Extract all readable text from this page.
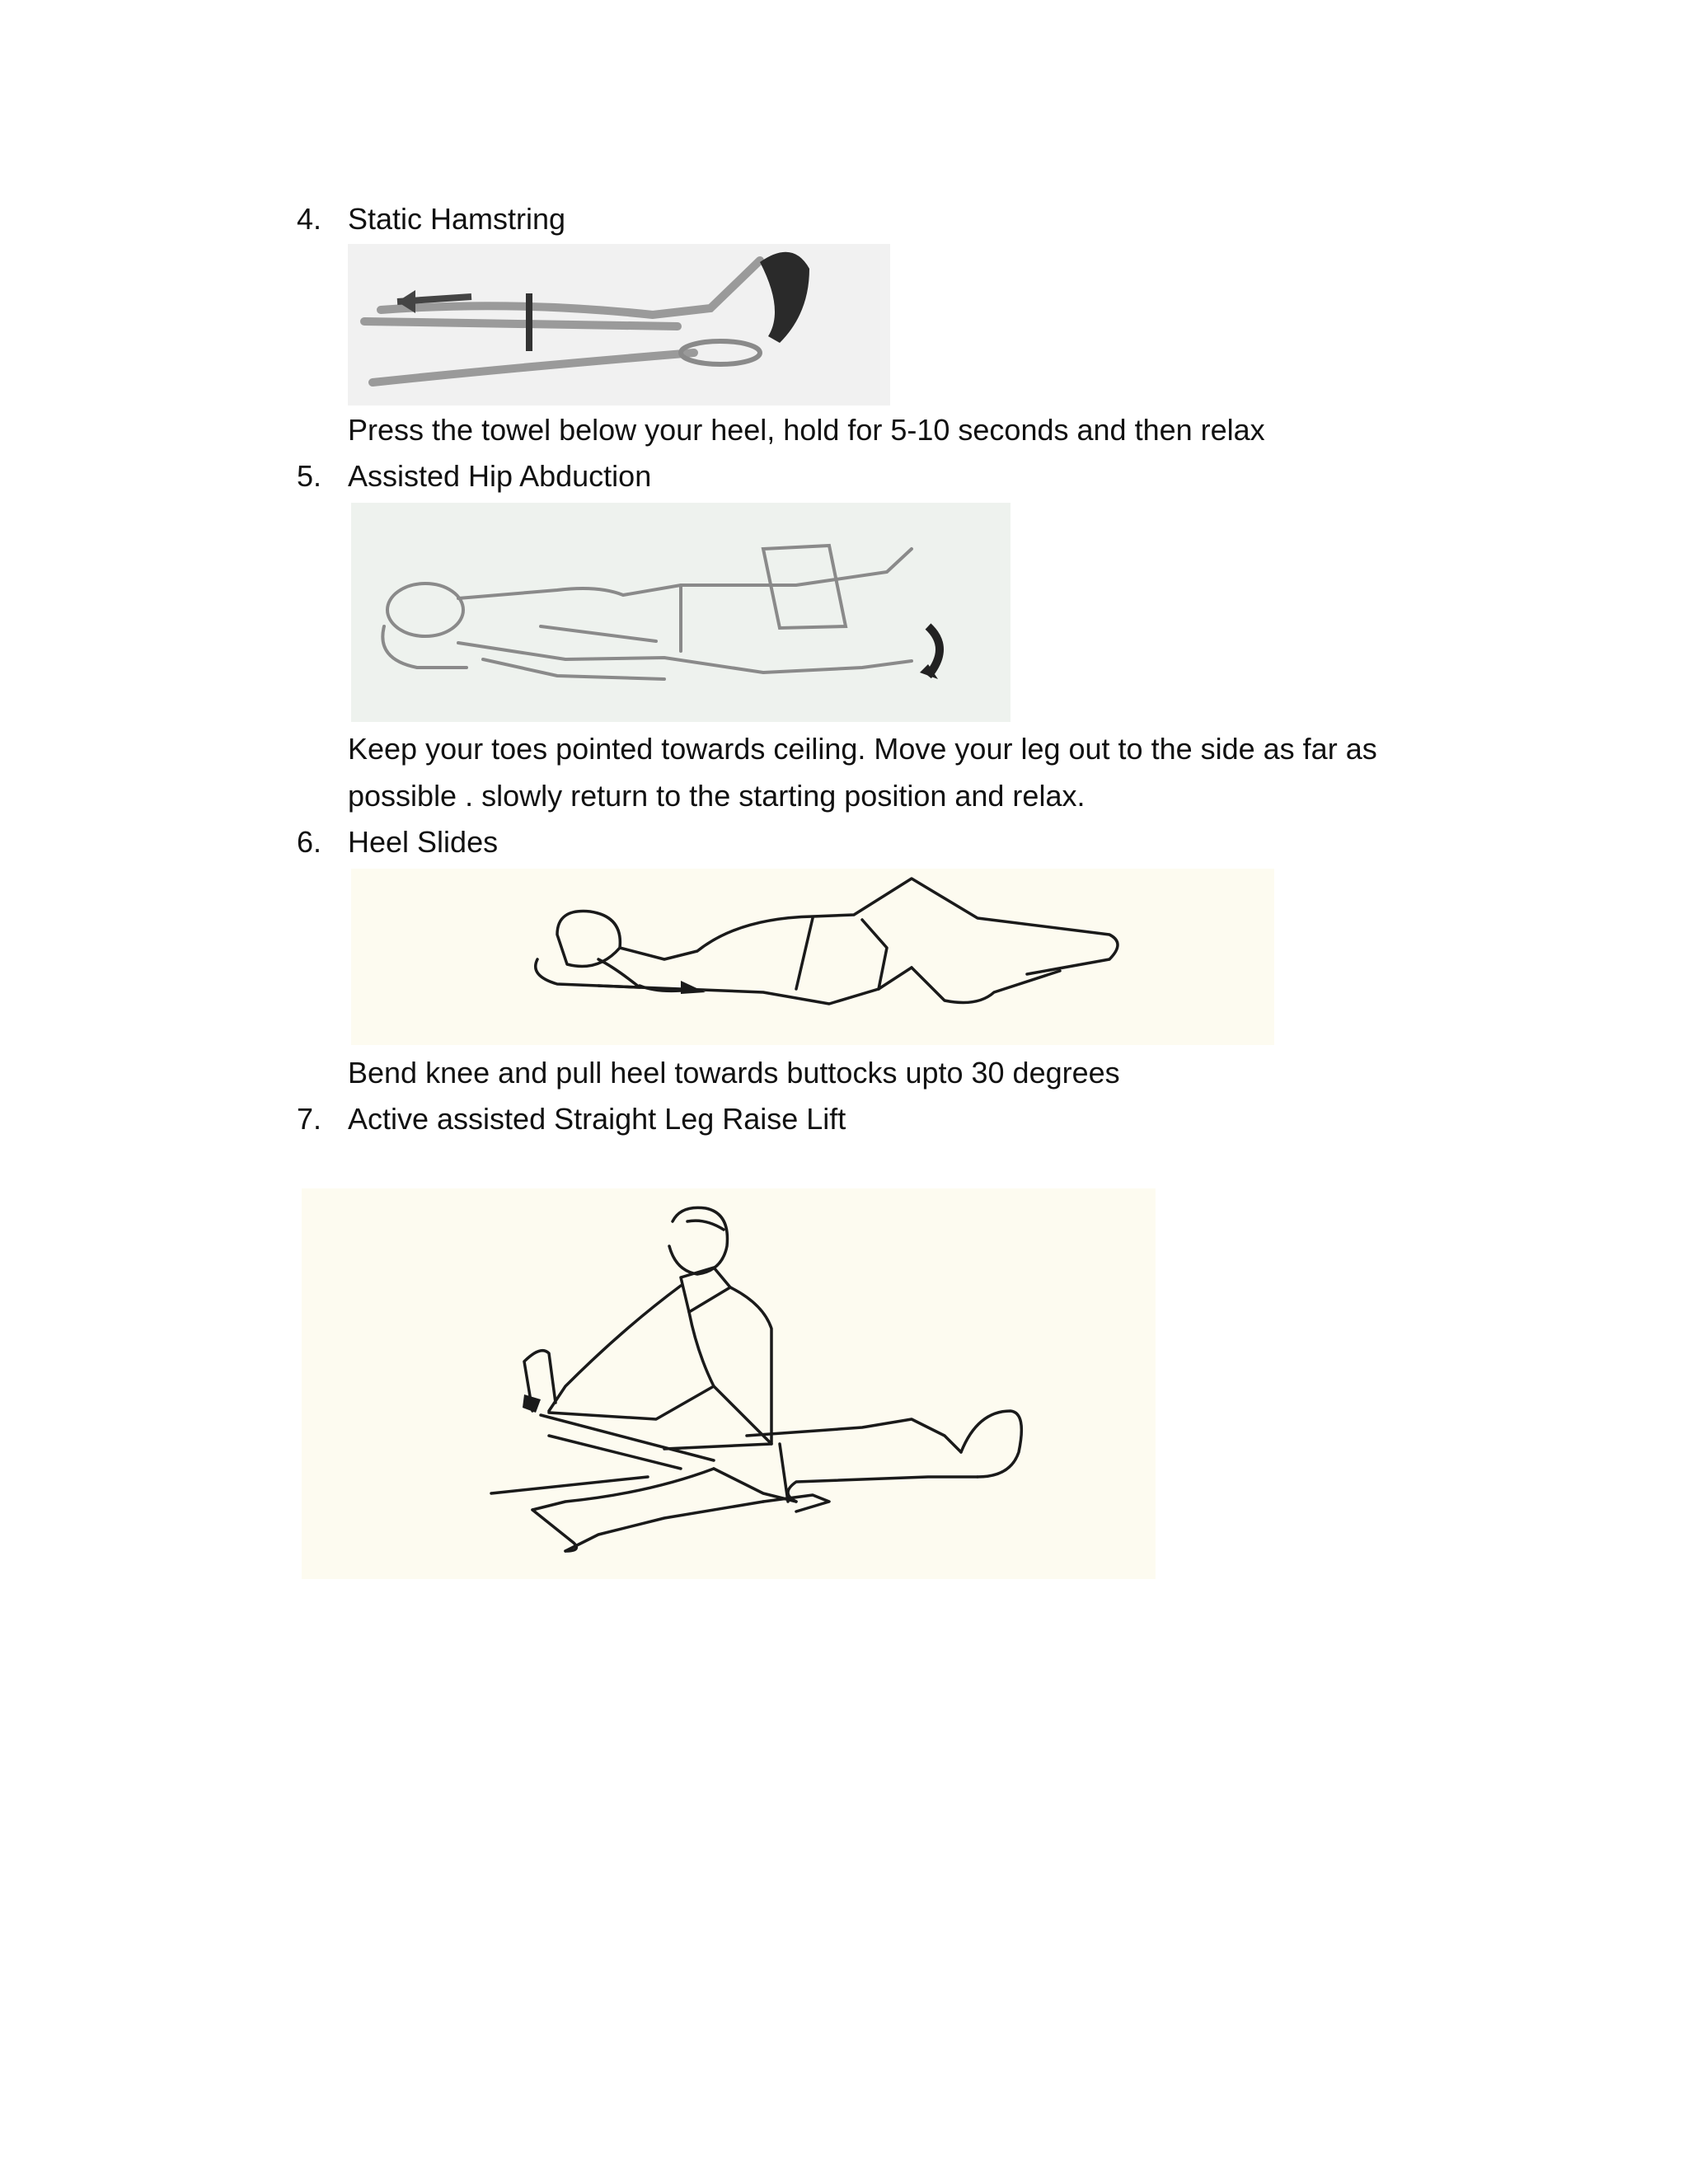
4. Static Hamstring
Press the towel below your heel, hold for 5-10 seconds and then relax
5. Assisted Hip Abduction
Keep your toes pointed towards ceiling. Move your leg out to the side as far as possible . slowly return to the starting position and relax.
6. Heel Slides
Bend knee and pull heel towards buttocks upto 30 degrees
7. Active assisted Straight Leg Raise Lift
